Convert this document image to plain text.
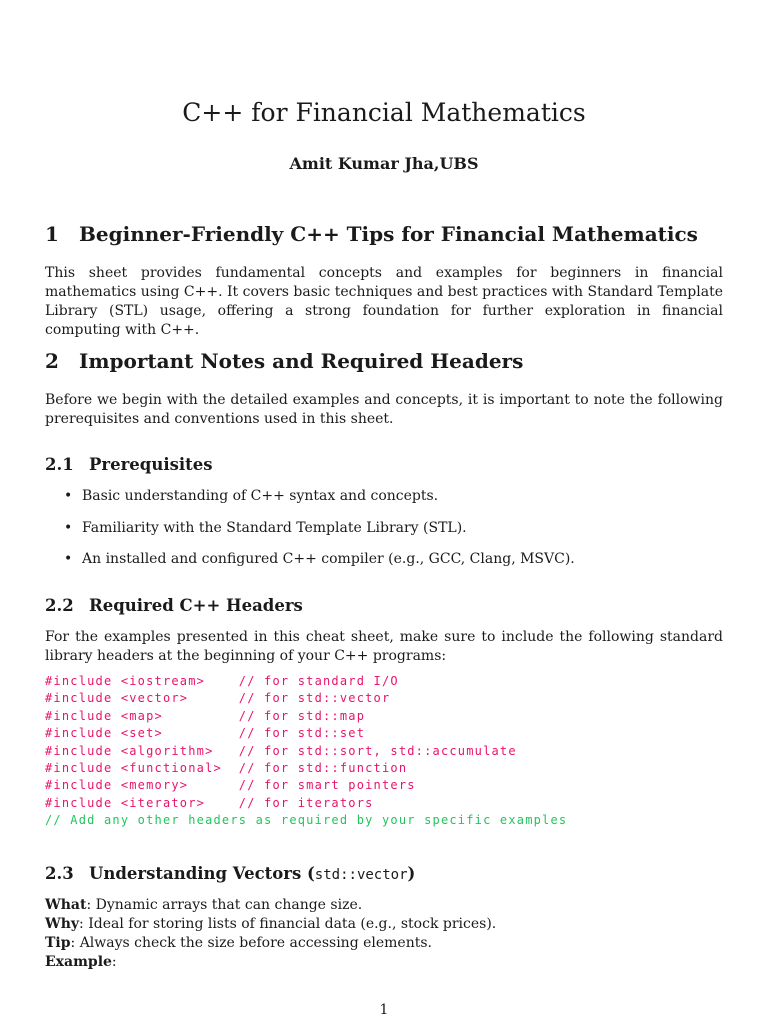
C++ for Financial Mathematics
Amit Kumar Jha,UBS
1 Beginner-Friendly C++ Tips for Financial Mathematics

This sheet provides fundamental concepts and examples for beginners in financial mathematics using C++. It covers basic techniques and best practices with Standard Template Library (STL) usage, offering a strong foundation for further exploration in financial computing with C++.

2 Important Notes and Required Headers

Before we begin with the detailed examples and concepts, it is important to note the following prerequisites and conventions used in this sheet.

2.1 Prerequisites
• Basic understanding of C++ syntax and concepts.
• Familiarity with the Standard Template Library (STL).
• An installed and configured C++ compiler (e.g., GCC, Clang, MSVC).
2.2 Required C++ Headers

For the examples presented in this cheat sheet, make sure to include the following standard library headers at the beginning of your C++ programs:

#include <iostream>    // for standard I/O
#include <vector>      // for std::vector
#include <map>         // for std::map
#include <set>         // for std::set
#include <algorithm>   // for std::sort, std::accumulate
#include <functional>  // for std::function
#include <memory>      // for smart pointers
#include <iterator>    // for iterators
// Add any other headers as required by your specific examples
2.3 Understanding Vectors (std::vector)
What: Dynamic arrays that can change size.
Why: Ideal for storing lists of financial data (e.g., stock prices).
Tip: Always check the size before accessing elements.
Example:
1
